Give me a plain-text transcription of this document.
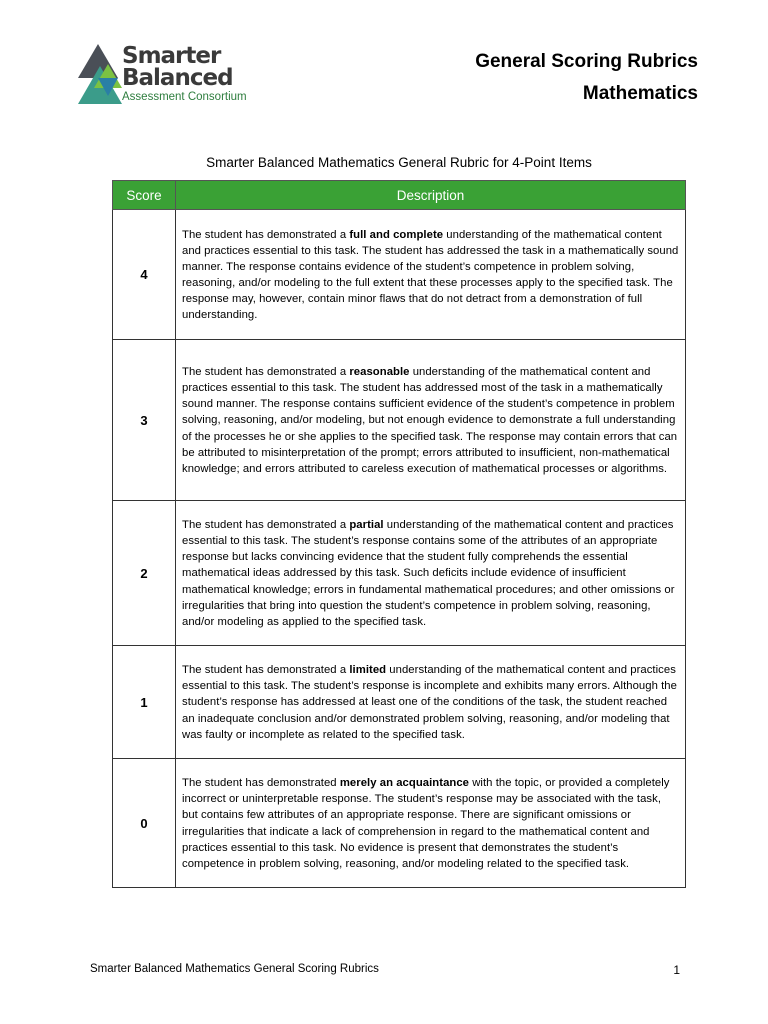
Smarter
Balanced
Assessment Consortium
General Scoring Rubrics
Mathematics
Smarter Balanced Mathematics General Rubric for 4-Point Items
Score	Description
4	The student has demonstrated a full and complete understanding of the mathematical content and practices essential to this task. The student has addressed the task in a mathematically sound manner. The response contains evidence of the student’s competence in problem solving, reasoning, and/or modeling to the full extent that these processes apply to the specified task. The response may, however, contain minor flaws that do not detract from a demonstration of full understanding.
3	The student has demonstrated a reasonable understanding of the mathematical content and practices essential to this task. The student has addressed most of the task in a mathematically sound manner. The response contains sufficient evidence of the student’s competence in problem solving, reasoning, and/or modeling, but not enough evidence to demonstrate a full understanding of the processes he or she applies to the specified task. The response may contain errors that can be attributed to misinterpretation of the prompt; errors attributed to insufficient, non-mathematical knowledge; and errors attributed to careless execution of mathematical processes or algorithms.
2	The student has demonstrated a partial understanding of the mathematical content and practices essential to this task. The student’s response contains some of the attributes of an appropriate response but lacks convincing evidence that the student fully comprehends the essential mathematical ideas addressed by this task. Such deficits include evidence of insufficient mathematical knowledge; errors in fundamental mathematical procedures; and other omissions or irregularities that bring into question the student’s competence in problem solving, reasoning, and/or modeling as applied to the specified task.
1	The student has demonstrated a limited understanding of the mathematical content and practices essential to this task. The student’s response is incomplete and exhibits many errors. Although the student’s response has addressed at least one of the conditions of the task, the student reached an inadequate conclusion and/or demonstrated problem solving, reasoning, and/or modeling that was faulty or incomplete as related to the specified task.
0	The student has demonstrated merely an acquaintance with the topic, or provided a completely incorrect or uninterpretable response. The student’s response may be associated with the task, but contains few attributes of an appropriate response. There are significant omissions or irregularities that indicate a lack of comprehension in regard to the mathematical content and practices essential to this task. No evidence is present that demonstrates the student’s competence in problem solving, reasoning, and/or modeling related to the specified task.
Smarter Balanced Mathematics General Scoring Rubrics	1
